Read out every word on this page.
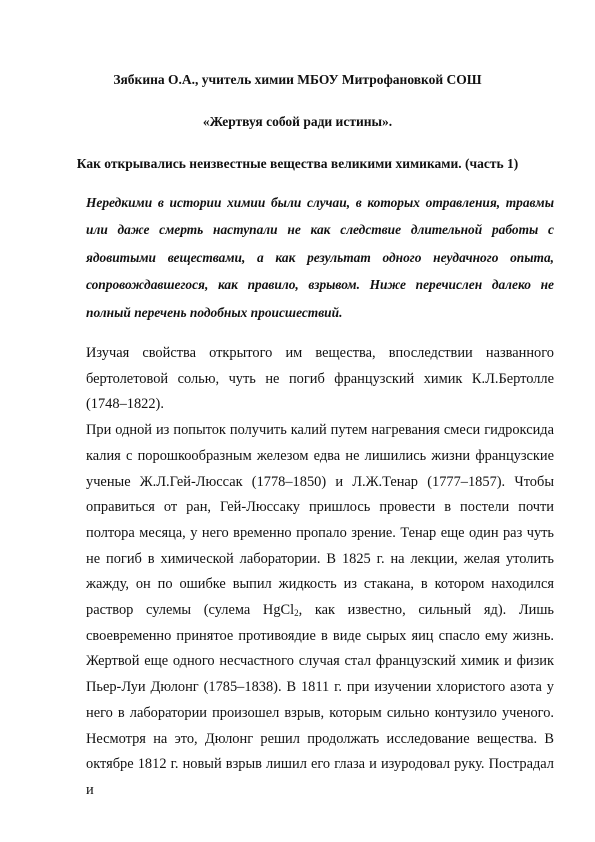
Зябкина О.А., учитель химии МБОУ Митрофановкой СОШ
«Жертвуя собой ради истины».
Как открывались неизвестные вещества великими химиками. (часть 1)
Нередкими в истории химии были случаи, в которых отравления, травмы или даже смерть наступали не как следствие длительной работы с ядовитыми веществами, а как результат одного неудачного опыта, сопровождавшегося, как правило, взрывом. Ниже перечислен далеко не полный перечень подобных происшествий.

Изучая свойства открытого им вещества, впоследствии названного бертолетовой солью, чуть не погиб французский химик К.Л.Бертолле (1748–1822).

При одной из попыток получить калий путем нагревания смеси гидроксида калия с порошкообразным железом едва не лишились жизни французские ученые Ж.Л.Гей-Люссак (1778–1850) и Л.Ж.Тенар (1777–1857). Чтобы оправиться от ран, Гей-Люссаку пришлось провести в постели почти полтора месяца, у него временно пропало зрение. Тенар еще один раз чуть не погиб в химической лаборатории. В 1825 г. на лекции, желая утолить жажду, он по ошибке выпил жидкость из стакана, в котором находился раствор сулемы (сулема HgCl$_2$, как известно, сильный яд). Лишь своевременно принятое противоядие в виде сырых яиц спасло ему жизнь. Жертвой еще одного несчастного случая стал французский химик и физик Пьер-Луи Дюлонг (1785–1838). В 1811 г. при изучении хлористого азота у него в лаборатории произошел взрыв, которым сильно контузило ученого. Несмотря на это, Дюлонг решил продолжать исследование вещества. В октябре 1812 г. новый взрыв лишил его глаза и изуродовал руку. Пострадал и
